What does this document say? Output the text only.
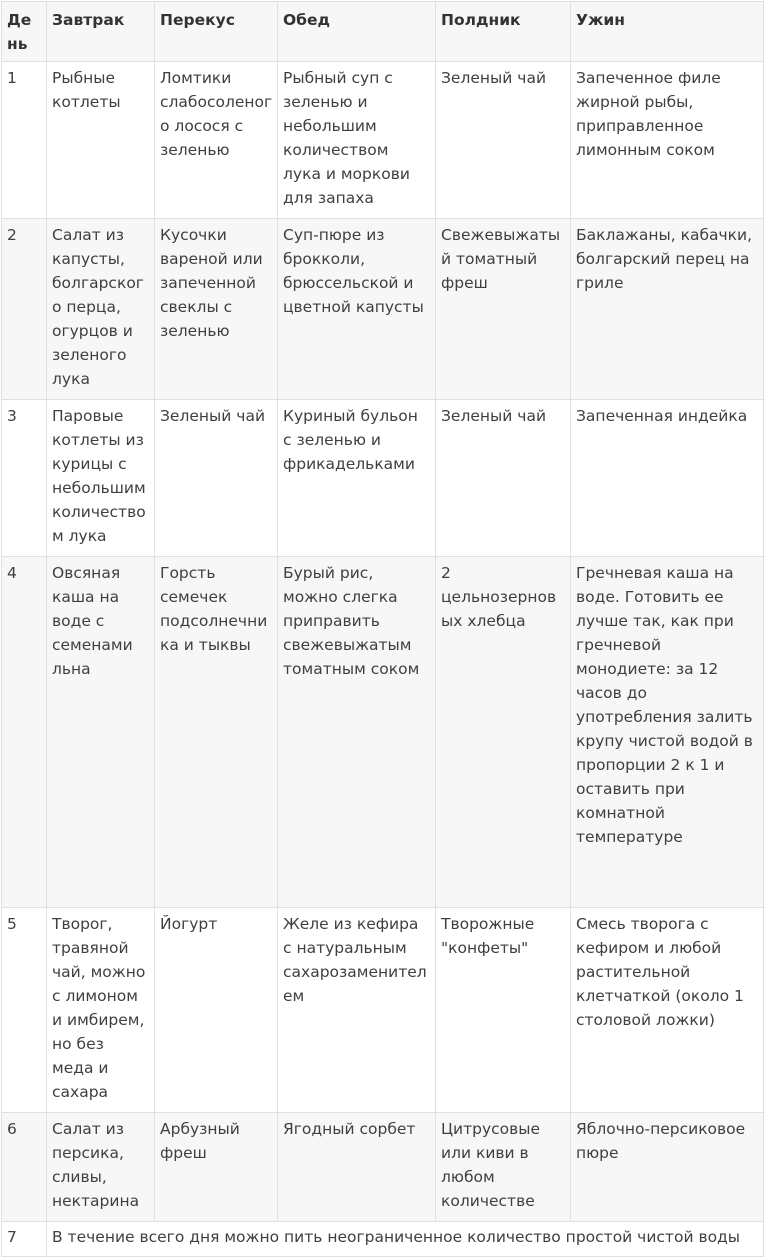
День	Завтрак	Перекус	Обед	Полдник	Ужин
1	Рыбные котлеты	Ломтики слабосоленого лосося с зеленью	Рыбный суп с зеленью и небольшим количеством лука и моркови для запаха	Зеленый чай	Запеченное филе жирной рыбы, приправленное лимонным соком
2	Салат из капусты, болгарского перца, огурцов и зеленого лука	Кусочки вареной или запеченной свеклы с зеленью	Суп-пюре из брокколи, брюссельской и цветной капусты	Свежевыжатый томатный фреш	Баклажаны, кабачки, болгарский перец на гриле
3	Паровые котлеты из курицы с небольшим количеством лука	Зеленый чай	Куриный бульон с зеленью и фрикадельками	Зеленый чай	Запеченная индейка
4	Овсяная каша на воде с семенами льна	Горсть семечек подсолнечника и тыквы	Бурый рис, можно слегка приправить свежевыжатым томатным соком	2 цельнозерновых хлебца	Гречневая каша на воде. Готовить ее лучше так, как при гречневой монодиете: за 12 часов до употребления залить крупу чистой водой в пропорции 2 к 1 и оставить при комнатной температуре
5	Творог, травяной чай, можно с лимоном и имбирем, но без меда и сахара	Йогурт	Желе из кефира с натуральным сахарозаменителем	Творожные "конфеты"	Смесь творога с кефиром и любой растительной клетчаткой (около 1 столовой ложки)
6	Салат из персика, сливы, нектарина	Арбузный фреш	Ягодный сорбет	Цитрусовые или киви в любом количестве	Яблочно-персиковое пюре
7	В течение всего дня можно пить неограниченное количество простой чистой воды				
